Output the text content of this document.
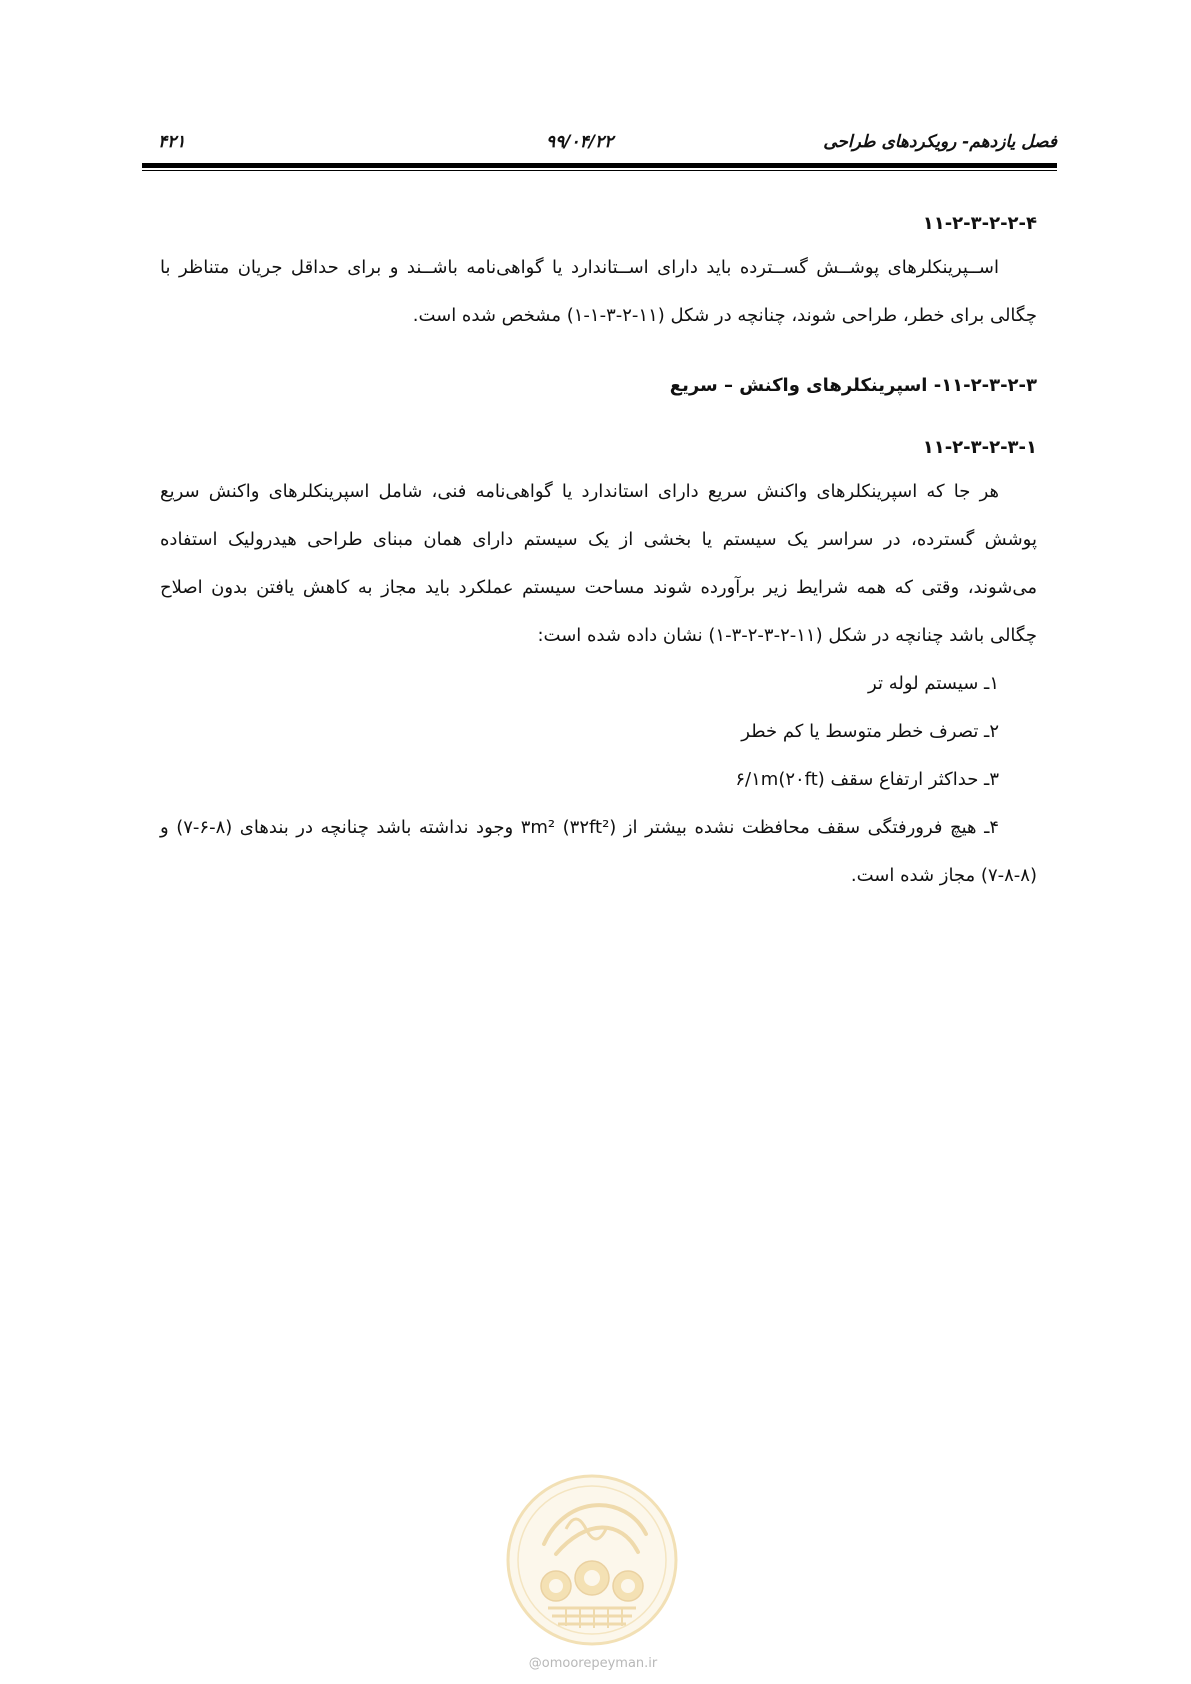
فصل یازدهم- رویکردهای طراحی
۹۹/۰۴/۲۲
۴۲۱

۱۱-۲-۳-۲-۲-۴

اســپرینکلرهای پوشــش گســترده باید دارای اســتاندارد یا گواهی‌نامه باشــند و برای حداقل جریان متناظر با چگالی برای خطر، طراحی شوند، چنانچه در شکل (۱۱-۲-۳-۱-۱) مشخص شده است.

۱۱-۲-۳-۲-۳- اسپرینکلرهای واکنش – سریع

۱۱-۲-۳-۲-۳-۱

هر جا که اسپرینکلرهای واکنش سریع دارای استاندارد یا گواهی‌نامه فنی، شامل اسپرینکلرهای واکنش سریع پوشش گسترده، در سراسر یک سیستم یا بخشی از یک سیستم دارای همان مبنای طراحی هیدرولیک استفاده می‌شوند، وقتی که همه شرایط زیر برآورده شوند مساحت سیستم عملکرد باید مجاز به کاهش یافتن بدون اصلاح چگالی باشد چنانچه در شکل (۱۱-۲-۳-۲-۳-۱) نشان داده شده است:

۱ـ سیستم لوله تر

۲ـ تصرف خطر متوسط یا کم خطر

۳ـ حداکثر ارتفاع سقف ۶/۱m(۲۰ft)

۴ـ هیچ فرورفتگی سقف محافظت نشده بیشتر از ۳m² (۳۲ft²) وجود نداشته باشد چنانچه در بندهای (۸-۶-۷) و (۸-۸-۷) مجاز شده است.

@omoorepeyman.ir
